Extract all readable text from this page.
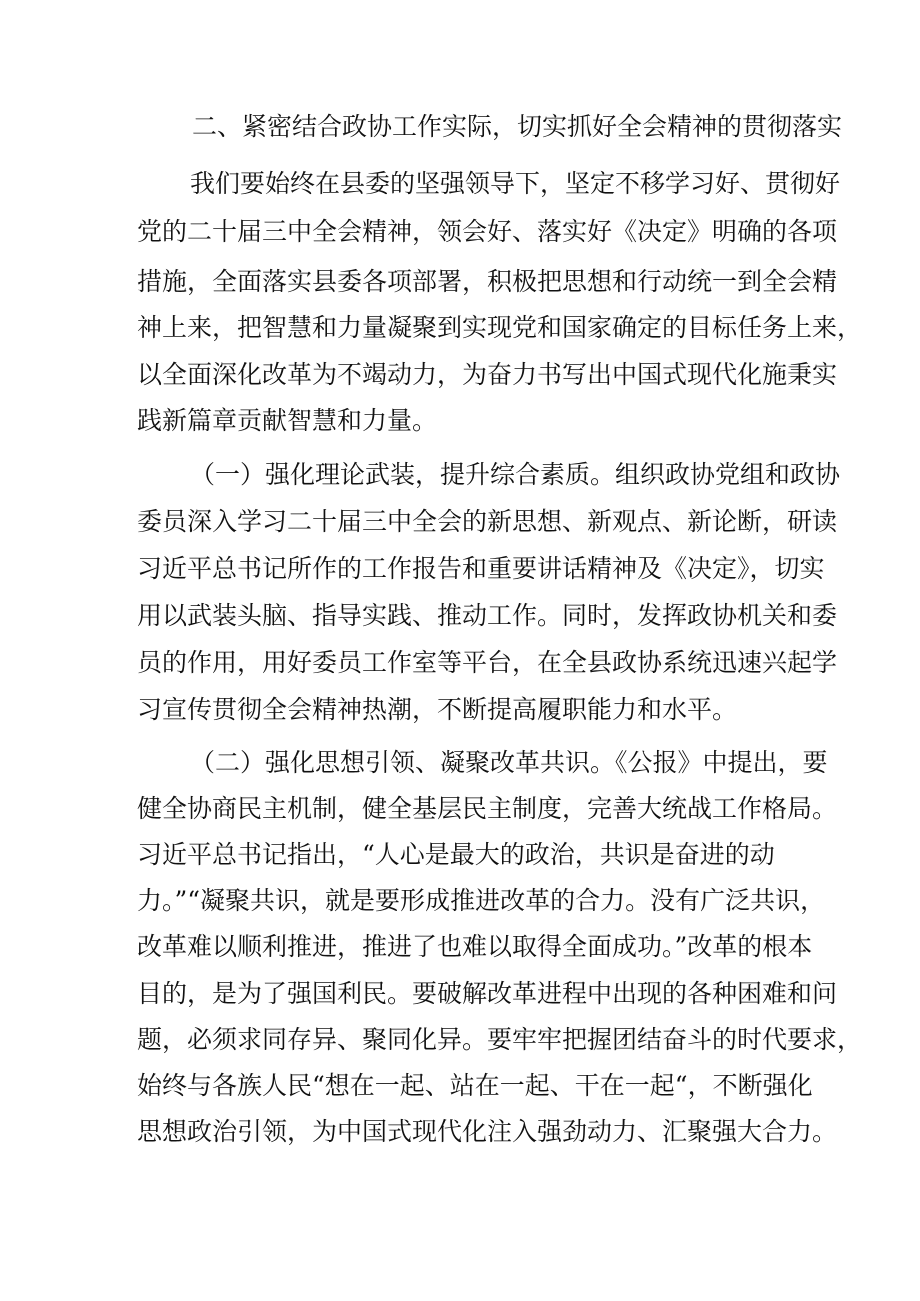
二、紧密结合政协工作实际，切实抓好全会精神的贯彻落实
我们要始终在县委的坚强领导下，坚定不移学习好、贯彻好
党的二十届三中全会精神，领会好、落实好《决定》明确的各项
措施，全面落实县委各项部署，积极把思想和行动统一到全会精
神上来，把智慧和力量凝聚到实现党和国家确定的目标任务上来，
以全面深化改革为不竭动力，为奋力书写出中国式现代化施秉实
践新篇章贡献智慧和力量。
（一）强化理论武装，提升综合素质。组织政协党组和政协
委员深入学习二十届三中全会的新思想、新观点、新论断，研读
习近平总书记所作的工作报告和重要讲话精神及《决定》，切实
用以武装头脑、指导实践、推动工作。同时，发挥政协机关和委
员的作用，用好委员工作室等平台，在全县政协系统迅速兴起学
习宣传贯彻全会精神热潮，不断提高履职能力和水平。
（二）强化思想引领、凝聚改革共识。《公报》中提出，要
健全协商民主机制，健全基层民主制度，完善大统战工作格局。
习近平总书记指出，“人心是最大的政治，共识是奋进的动
力。”“凝聚共识，就是要形成推进改革的合力。没有广泛共识，
改革难以顺利推进，推进了也难以取得全面成功。”改革的根本
目的，是为了强国利民。要破解改革进程中出现的各种困难和问
题，必须求同存异、聚同化异。要牢牢把握团结奋斗的时代要求，
始终与各族人民“想在一起、站在一起、干在一起“，不断强化
思想政治引领，为中国式现代化注入强劲动力、汇聚强大合力。
